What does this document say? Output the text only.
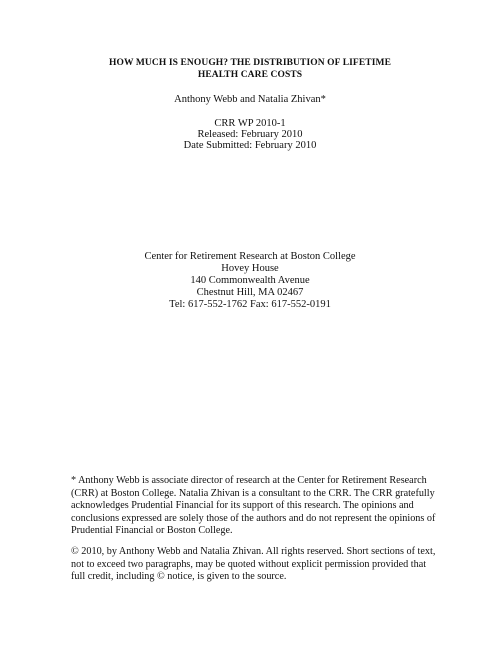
HOW MUCH IS ENOUGH? THE DISTRIBUTION OF LIFETIME
HEALTH CARE COSTS
Anthony Webb and Natalia Zhivan*
CRR WP 2010-1
Released: February 2010
Date Submitted: February 2010
Center for Retirement Research at Boston College
Hovey House
140 Commonwealth Avenue
Chestnut Hill, MA 02467
Tel: 617-552-1762 Fax: 617-552-0191
* Anthony Webb is associate director of research at the Center for Retirement Research
(CRR) at Boston College. Natalia Zhivan is a consultant to the CRR. The CRR gratefully
acknowledges Prudential Financial for its support of this research. The opinions and
conclusions expressed are solely those of the authors and do not represent the opinions of
Prudential Financial or Boston College.
© 2010, by Anthony Webb and Natalia Zhivan. All rights reserved. Short sections of text,
not to exceed two paragraphs, may be quoted without explicit permission provided that
full credit, including © notice, is given to the source.
